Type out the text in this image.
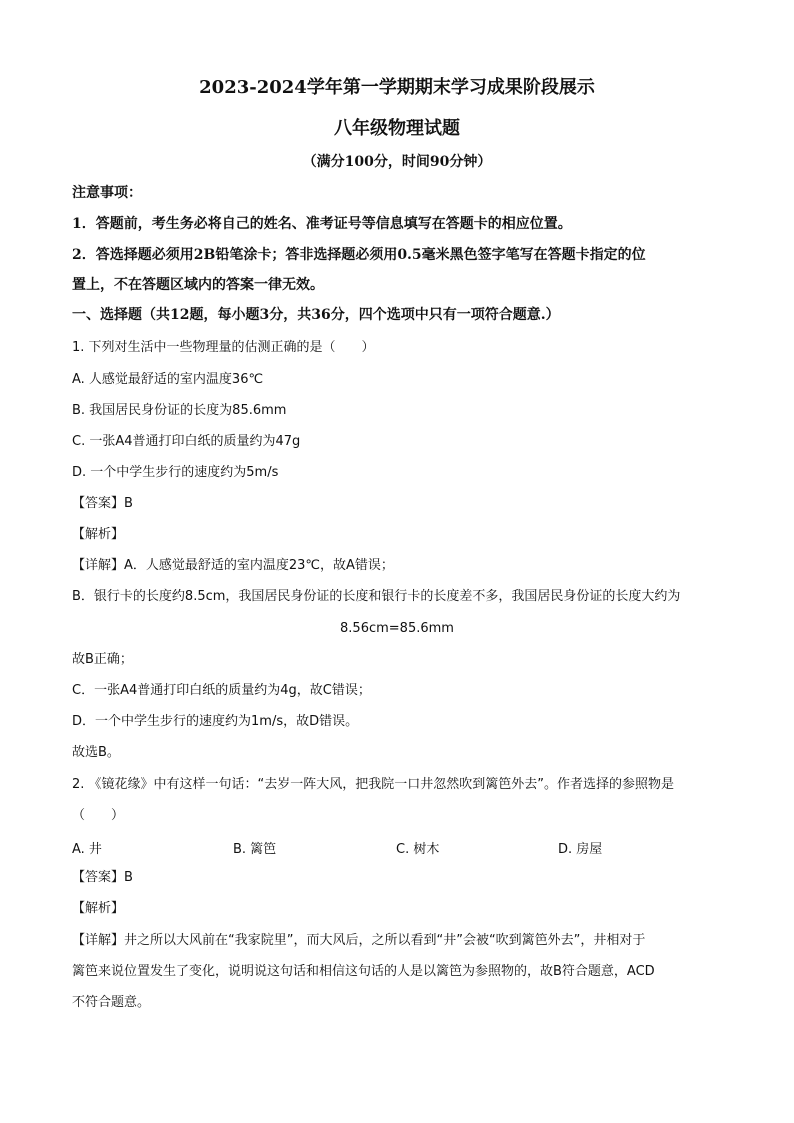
2023-2024学年第一学期期末学习成果阶段展示
八年级物理试题
（满分100分，时间90分钟）
注意事项：
1．答题前，考生务必将自己的姓名、准考证号等信息填写在答题卡的相应位置。
2．答选择题必须用2B铅笔涂卡；答非选择题必须用0.5毫米黑色签字笔写在答题卡指定的位
置上，不在答题区域内的答案一律无效。
一、选择题（共12题，每小题3分，共36分，四个选项中只有一项符合题意.）
1. 下列对生活中一些物理量的估测正确的是（　　）
A. 人感觉最舒适的室内温度36℃
B. 我国居民身份证的长度为85.6mm
C. 一张A4普通打印白纸的质量约为47g
D. 一个中学生步行的速度约为5m/s
【答案】B
【解析】
【详解】A．人感觉最舒适的室内温度23℃，故A错误；
B．银行卡的长度约8.5cm，我国居民身份证的长度和银行卡的长度差不多，我国居民身份证的长度大约为
8.56cm=85.6mm
故B正确；
C．一张A4普通打印白纸的质量约为4g，故C错误；
D．一个中学生步行的速度约为1m/s，故D错误。
故选B。
2. 《镜花缘》中有这样一句话：“去岁一阵大风，把我院一口井忽然吹到篱笆外去”。作者选择的参照物是
（　　）
A. 井	B. 篱笆	C. 树木	D. 房屋
【答案】B
【解析】
【详解】井之所以大风前在“我家院里”，而大风后，之所以看到“井”会被“吹到篱笆外去”，井相对于
篱笆来说位置发生了变化，说明说这句话和相信这句话的人是以篱笆为参照物的，故B符合题意，ACD
不符合题意。
